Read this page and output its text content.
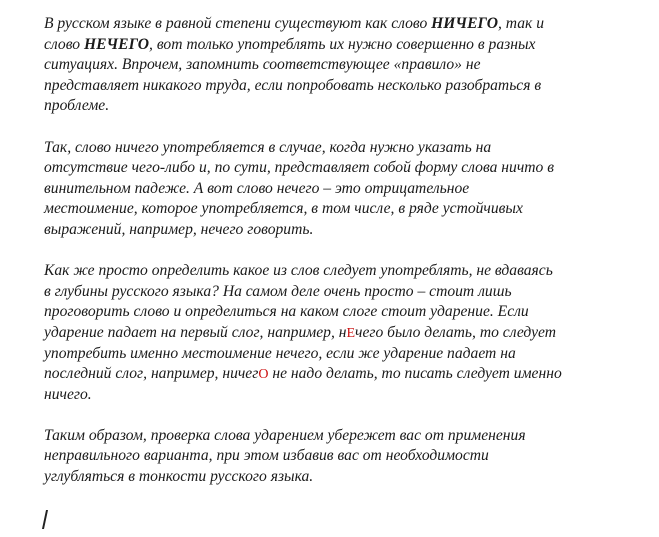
В русском языке в равной степени существуют как слово НИЧЕГО, так и
слово НЕЧЕГО, вот только употреблять их нужно совершенно в разных
ситуациях. Впрочем, запомнить соответствующее «правило» не
представляет никакого труда, если попробовать несколько разобраться в
проблеме.

Так, слово ничего употребляется в случае, когда нужно указать на
отсутствие чего-либо и, по сути, представляет собой форму слова ничто в
винительном падеже. А вот слово нечего – это отрицательное
местоимение, которое употребляется, в том числе, в ряде устойчивых
выражений, например, нечего говорить.

Как же просто определить какое из слов следует употреблять, не вдаваясь
в глубины русского языка? На самом деле очень просто – стоит лишь
проговорить слово и определиться на каком слоге стоит ударение. Если
ударение падает на первый слог, например, нЕчего было делать, то следует
употребить именно местоимение нечего, если же ударение падает на
последний слог, например, ничегО не надо делать, то писать следует именно
ничего.

Таким образом, проверка слова ударением убережет вас от применения
неправильного варианта, при этом избавив вас от необходимости
углубляться в тонкости русского языка.
